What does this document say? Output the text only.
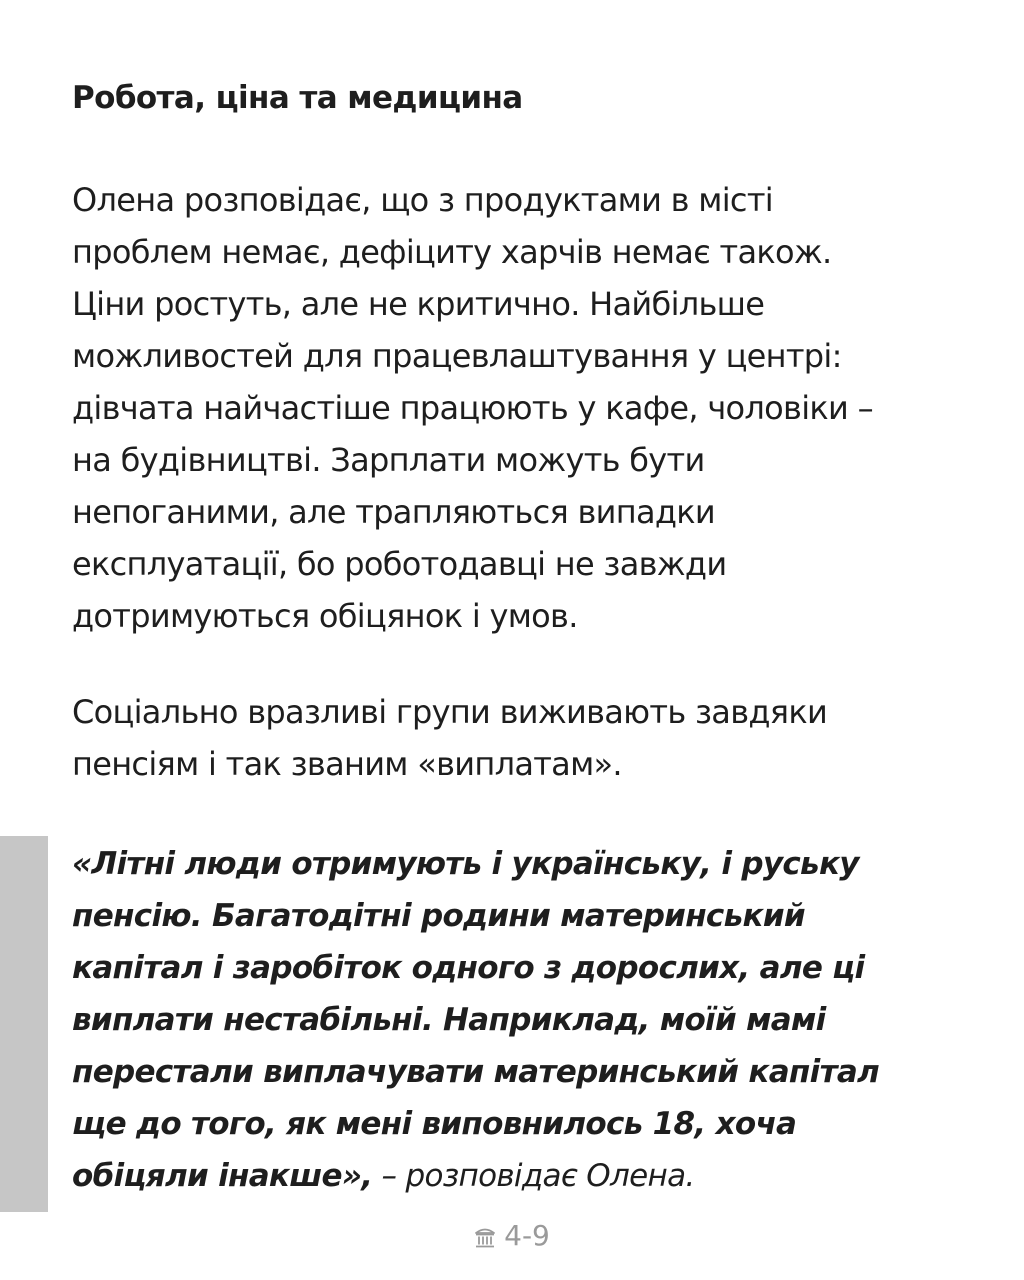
Робота, ціна та медицина

Олена розповідає, що з продуктами в місті
проблем немає, дефіциту харчів немає також.
Ціни ростуть, але не критично. Найбільше
можливостей для працевлаштування у центрі:
дівчата найчастіше працюють у кафе, чоловіки –
на будівництві. Зарплати можуть бути
непоганими, але трапляються випадки
експлуатації, бо роботодавці не завжди
дотримуються обіцянок і умов.

Соціально вразливі групи виживають завдяки
пенсіям і так званим «виплатам».

«Літні люди отримують і українську, і руську
пенсію. Багатодітні родини материнський
капітал і заробіток одного з дорослих, але ці
виплати нестабільні. Наприклад, моїй мамі
перестали виплачувати материнський капітал
ще до того, як мені виповнилось 18, хоча
обіцяли інакше», – розповідає Олена.
4-9
